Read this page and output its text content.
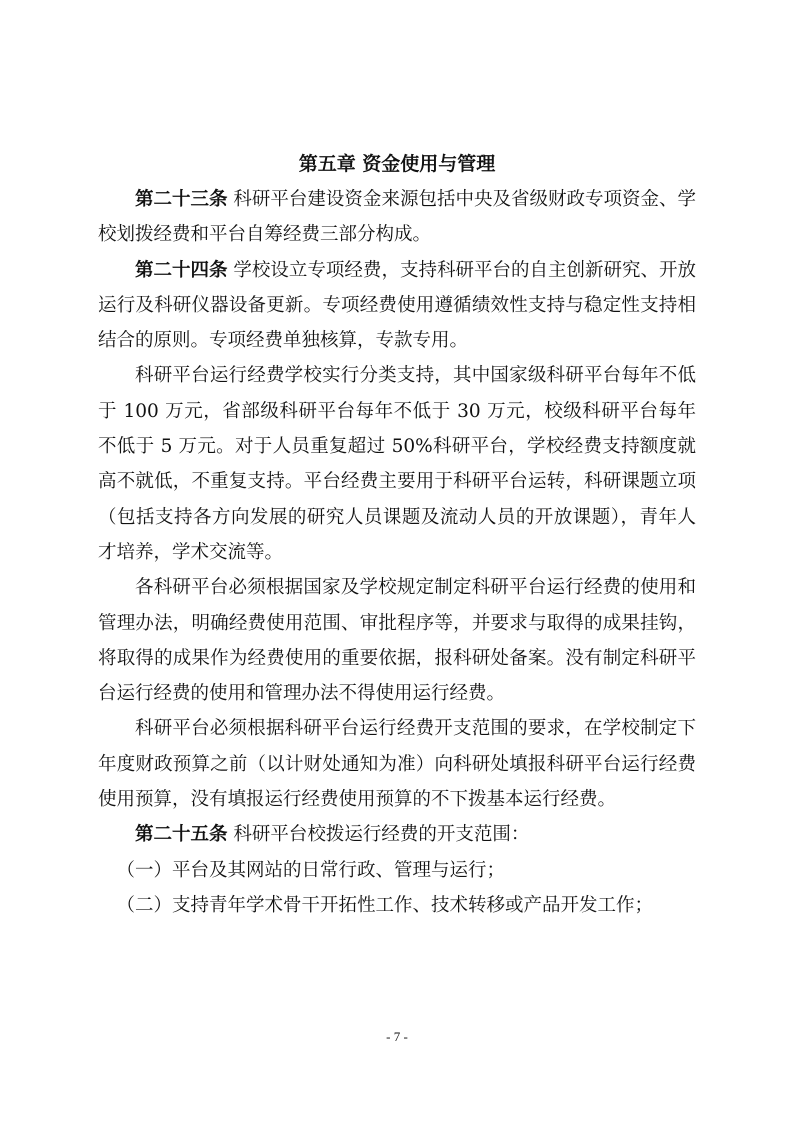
第五章 资金使用与管理

第二十三条 科研平台建设资金来源包括中央及省级财政专项资金、学校划拨经费和平台自筹经费三部分构成。

第二十四条 学校设立专项经费，支持科研平台的自主创新研究、开放运行及科研仪器设备更新。专项经费使用遵循绩效性支持与稳定性支持相结合的原则。专项经费单独核算，专款专用。

科研平台运行经费学校实行分类支持，其中国家级科研平台每年不低于 100 万元，省部级科研平台每年不低于 30 万元，校级科研平台每年不低于 5 万元。对于人员重复超过 50%科研平台，学校经费支持额度就高不就低，不重复支持。平台经费主要用于科研平台运转，科研课题立项（包括支持各方向发展的研究人员课题及流动人员的开放课题），青年人才培养，学术交流等。

各科研平台必须根据国家及学校规定制定科研平台运行经费的使用和管理办法，明确经费使用范围、审批程序等，并要求与取得的成果挂钩，将取得的成果作为经费使用的重要依据，报科研处备案。没有制定科研平台运行经费的使用和管理办法不得使用运行经费。

科研平台必须根据科研平台运行经费开支范围的要求，在学校制定下年度财政预算之前（以计财处通知为准）向科研处填报科研平台运行经费使用预算，没有填报运行经费使用预算的不下拨基本运行经费。

第二十五条 科研平台校拨运行经费的开支范围：

（一）平台及其网站的日常行政、管理与运行；

（二）支持青年学术骨干开拓性工作、技术转移或产品开发工作；

- 7 -
